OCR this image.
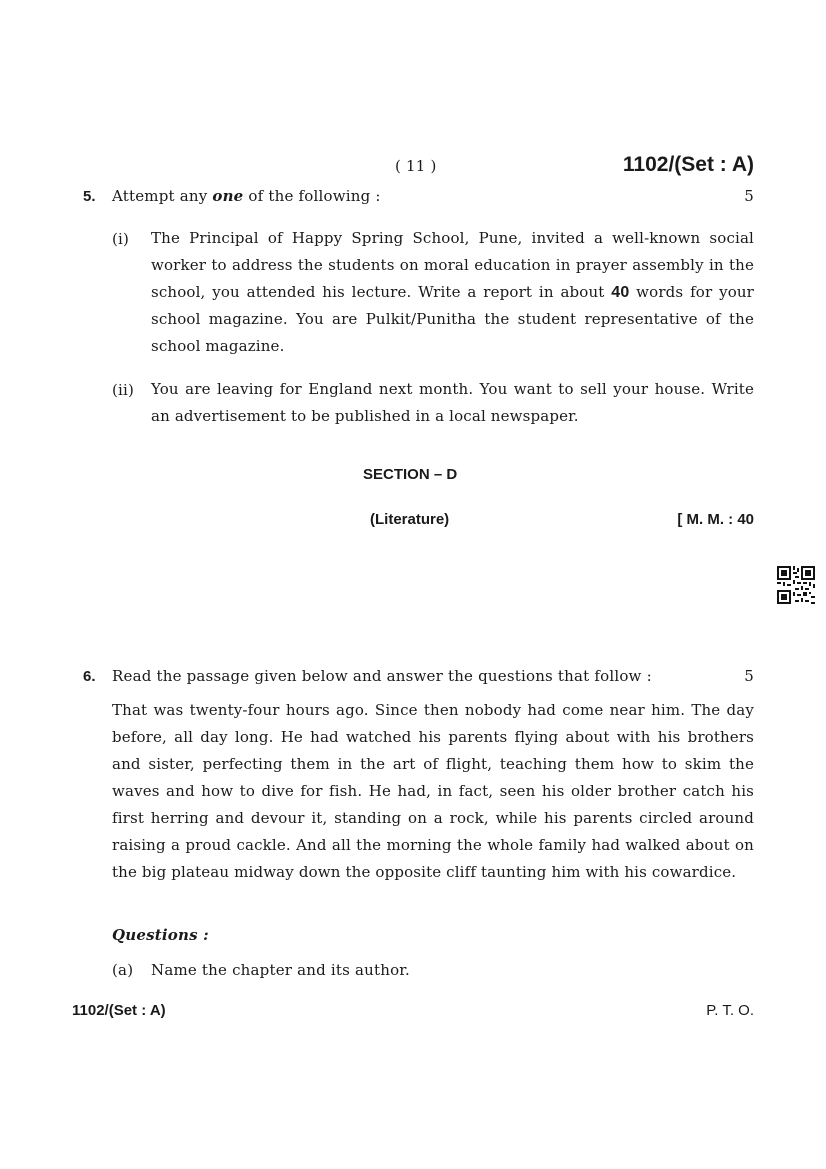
( 11 )	1102/(Set : A)
5. Attempt any one of the following :	5
(i) The Principal of Happy Spring School, Pune, invited a well-known social worker to address the students on moral education in prayer assembly in the school, you attended his lecture. Write a report in about 40 words for your school magazine. You are Pulkit/Punitha the student representative of the school magazine.
(ii) You are leaving for England next month. You want to sell your house. Write an advertisement to be published in a local newspaper.
SECTION – D
(Literature)	[ M. M. : 40
6. Read the passage given below and answer the questions that follow :	5
That was twenty-four hours ago. Since then nobody had come near him. The day before, all day long. He had watched his parents flying about with his brothers and sister, perfecting them in the art of flight, teaching them how to skim the waves and how to dive for fish. He had, in fact, seen his older brother catch his first herring and devour it, standing on a rock, while his parents circled around raising a proud cackle. And all the morning the whole family had walked about on the big plateau midway down the opposite cliff taunting him with his cowardice.
Questions :
(a) Name the chapter and its author.
1102/(Set : A)	P. T. O.
